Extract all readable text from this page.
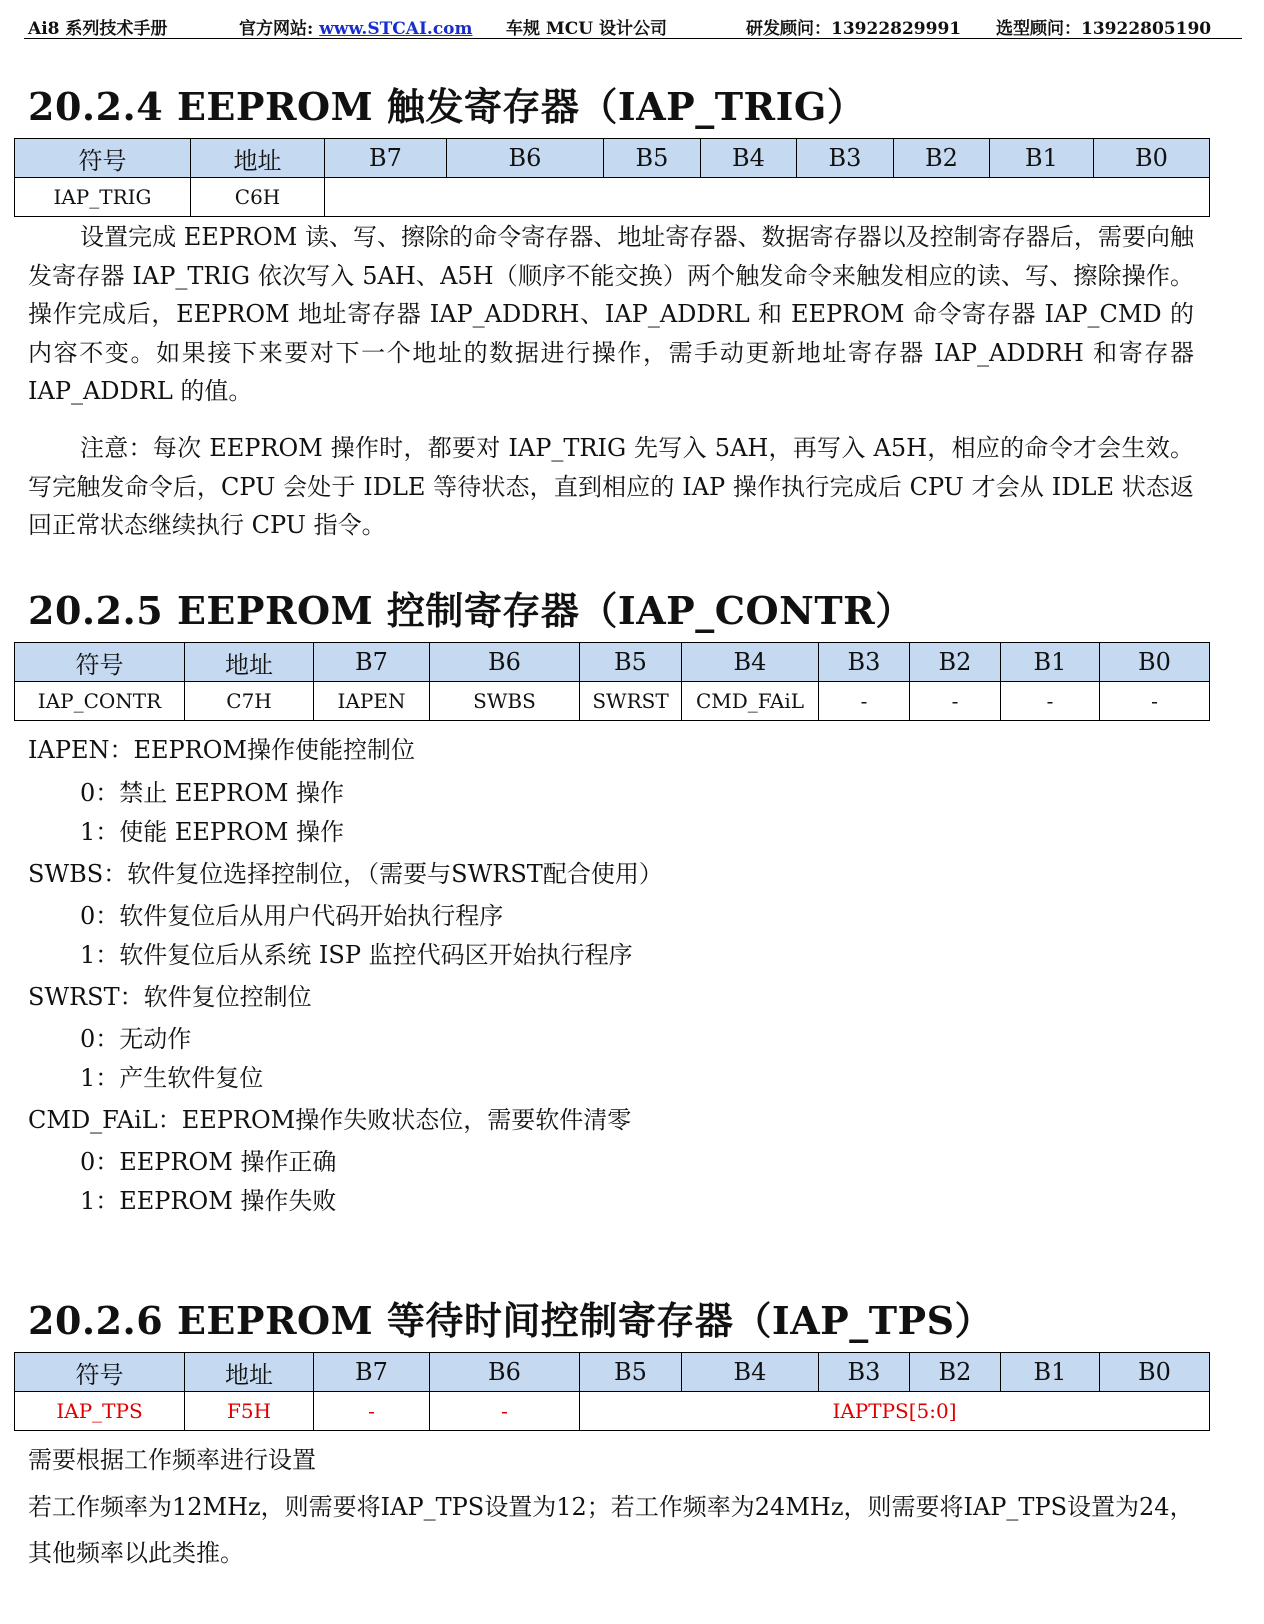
Ai8 系列技术手册	官方网站: www.STCAI.com 车规 MCU 设计公司	研发顾问：13922829991 选型顾问：13922805190
20.2.4 EEPROM 触发寄存器（IAP_TRIG）
符号	地址	B7	B6	B5	B4	B3	B2	B1	B0
IAP_TRIG	C6H								

设置完成 EEPROM 读、写、擦除的命令寄存器、地址寄存器、数据寄存器以及控制寄存器后，需要向触发寄存器 IAP_TRIG 依次写入 5AH、A5H（顺序不能交换）两个触发命令来触发相应的读、写、擦除操作。操作完成后，EEPROM 地址寄存器 IAP_ADDRH、IAP_ADDRL 和 EEPROM 命令寄存器 IAP_CMD 的内容不变。如果接下来要对下一个地址的数据进行操作，需手动更新地址寄存器 IAP_ADDRH 和寄存器 IAP_ADDRL 的值。

注意：每次 EEPROM 操作时，都要对 IAP_TRIG 先写入 5AH，再写入 A5H，相应的命令才会生效。写完触发命令后，CPU 会处于 IDLE 等待状态，直到相应的 IAP 操作执行完成后 CPU 才会从 IDLE 状态返回正常状态继续执行 CPU 指令。

20.2.5 EEPROM 控制寄存器（IAP_CONTR）
符号	地址	B7	B6	B5	B4	B3	B2	B1	B0
IAP_CONTR	C7H	IAPEN	SWBS	SWRST	CMD_FAiL	-	-	-	-

IAPEN：EEPROM操作使能控制位

0：禁止 EEPROM 操作

1：使能 EEPROM 操作

SWBS：软件复位选择控制位，（需要与SWRST配合使用）

0：软件复位后从用户代码开始执行程序

1：软件复位后从系统 ISP 监控代码区开始执行程序

SWRST：软件复位控制位

0：无动作

1：产生软件复位

CMD_FAiL：EEPROM操作失败状态位，需要软件清零

0：EEPROM 操作正确

1：EEPROM 操作失败

20.2.6 EEPROM 等待时间控制寄存器（IAP_TPS）
符号	地址	B7	B6	B5	B4	B3	B2	B1	B0
IAP_TPS	F5H	-	-	IAPTPS[5:0]					

需要根据工作频率进行设置

若工作频率为12MHz，则需要将IAP_TPS设置为12；若工作频率为24MHz，则需要将IAP_TPS设置为24，

其他频率以此类推。
